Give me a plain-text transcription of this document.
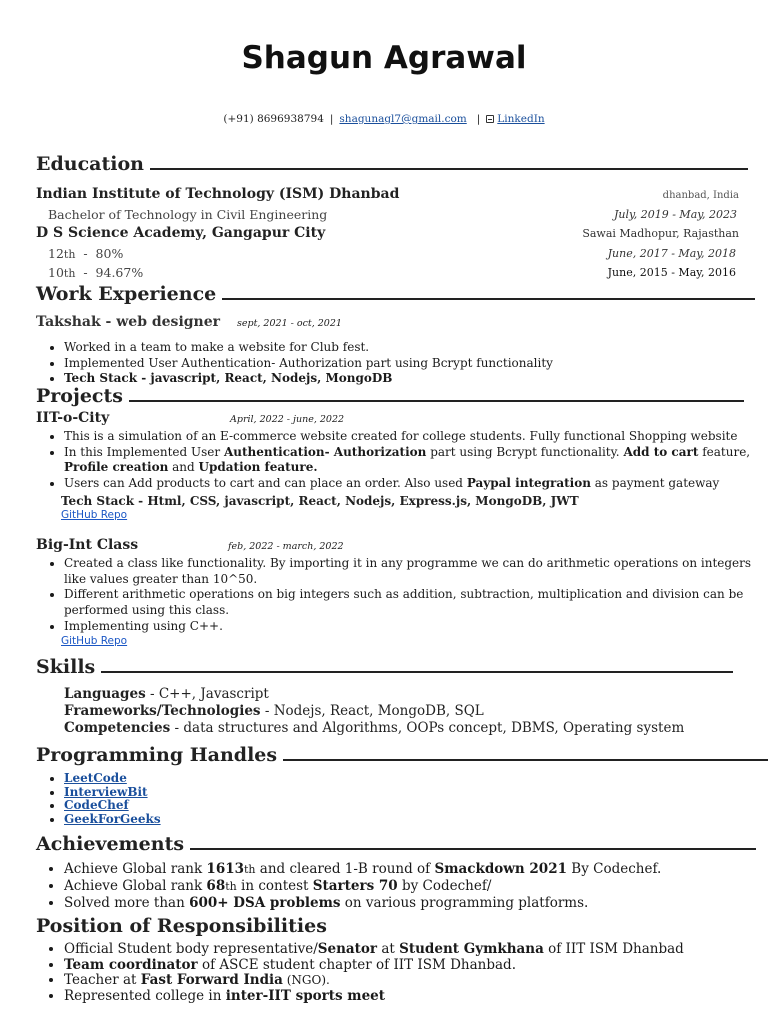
Shagun Agrawal
(+91) 8696938794 | shagunagl7@gmail.com | LinkedIn
Education
Indian Institute of Technology (ISM) Dhanbad	dhanbad, India
Bachelor of Technology in Civil Engineering	July, 2019 - May, 2023
D S Science Academy, Gangapur City	Sawai Madhopur, Rajasthan
12th  -  80%	June, 2017 - May, 2018
10th  -  94.67%	June, 2015 - May, 2016
Work Experience
Takshak - web designer sept, 2021 - oct, 2021
• Worked in a team to make a website for Club fest.
• Implemented User Authentication- Authorization part using Bcrypt functionality
• Tech Stack - javascript, React, Nodejs, MongoDB
Projects
IIT-o-City	April, 2022 - june, 2022
• This is a simulation of an E-commerce website created for college students. Fully functional Shopping website
• In this Implemented User Authentication- Authorization part using Bcrypt functionality. Add to cart feature, Profile creation and Updation feature.
• Users can Add products to cart and can place an order. Also used Paypal integration as payment gateway
Tech Stack - Html, CSS, javascript, React, Nodejs, Express.js, MongoDB, JWT
GitHub Repo
Big-Int Class	feb, 2022 - march, 2022
• Created a class like functionality. By importing it in any programme we can do arithmetic operations on integers like values greater than 10^50.
• Different arithmetic operations on big integers such as addition, subtraction, multiplication and division can be performed using this class.
• Implementing using C++.
GitHub Repo
Skills
Languages - C++, Javascript
Frameworks/Technologies - Nodejs, React, MongoDB, SQL
Competencies - data structures and Algorithms, OOPs concept, DBMS, Operating system
Programming Handles
• LeetCode
• InterviewBit
• CodeChef
• GeekForGeeks
Achievements
• Achieve Global rank 1613th and cleared 1-B round of Smackdown 2021 By Codechef.
• Achieve Global rank 68th in contest Starters 70 by Codechef/
• Solved more than 600+ DSA problems on various programming platforms.
Position of Responsibilities
• Official Student body representative/Senator at Student Gymkhana of IIT ISM Dhanbad
• Team coordinator of ASCE student chapter of IIT ISM Dhanbad.
• Teacher at Fast Forward India (NGO).
• Represented college in inter-IIT sports meet
